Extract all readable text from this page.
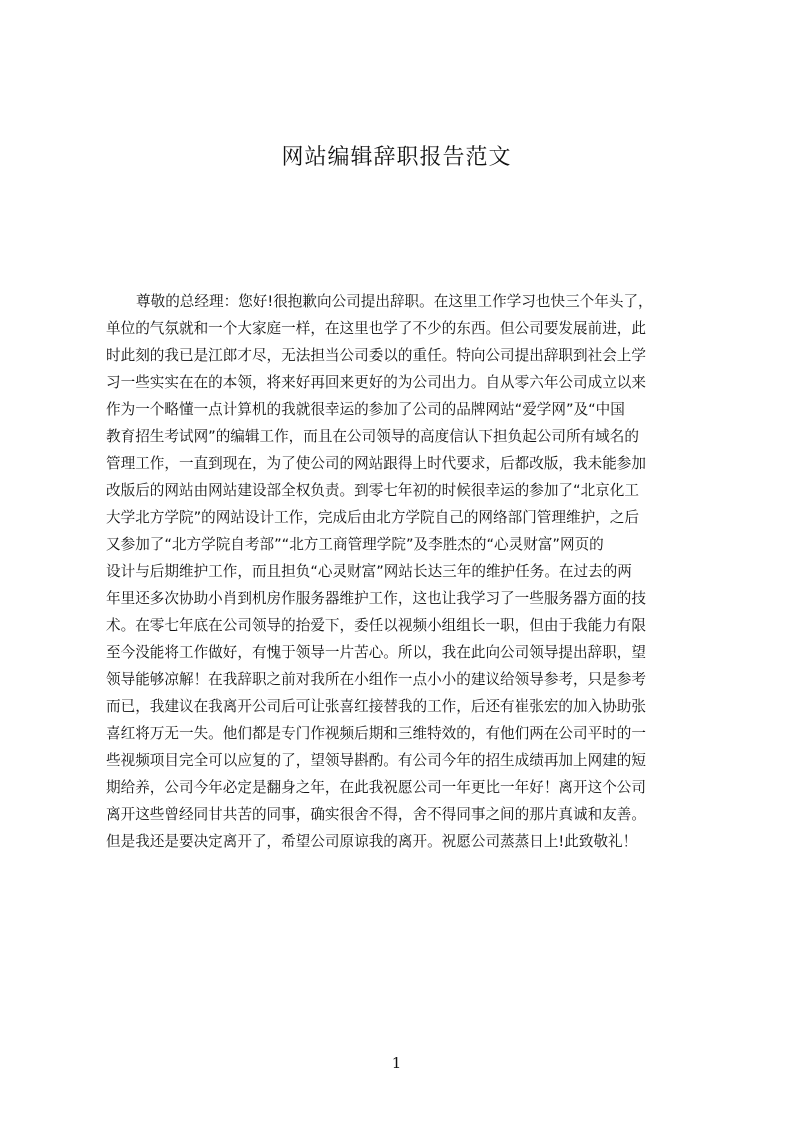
网站编辑辞职报告范文
尊敬的总经理：您好!很抱歉向公司提出辞职。在这里工作学习也快三个年头了，
单位的气氛就和一个大家庭一样，在这里也学了不少的东西。但公司要发展前进，此
时此刻的我已是江郎才尽，无法担当公司委以的重任。特向公司提出辞职到社会上学
习一些实实在在的本领，将来好再回来更好的为公司出力。自从零六年公司成立以来
作为一个略懂一点计算机的我就很幸运的参加了公司的品牌网站“爱学网”及“中国
教育招生考试网”的编辑工作，而且在公司领导的高度信认下担负起公司所有域名的
管理工作，一直到现在，为了使公司的网站跟得上时代要求，后都改版，我未能参加
改版后的网站由网站建设部全权负责。到零七年初的时候很幸运的参加了“北京化工
大学北方学院”的网站设计工作，完成后由北方学院自己的网络部门管理维护，之后
又参加了“北方学院自考部”“北方工商管理学院”及李胜杰的“心灵财富”网页的
设计与后期维护工作，而且担负“心灵财富”网站长达三年的维护任务。在过去的两
年里还多次协助小肖到机房作服务器维护工作，这也让我学习了一些服务器方面的技
术。在零七年底在公司领导的抬爱下，委任以视频小组组长一职，但由于我能力有限
至今没能将工作做好，有愧于领导一片苦心。所以，我在此向公司领导提出辞职，望
领导能够凉解！在我辞职之前对我所在小组作一点小小的建议给领导参考，只是参考
而已，我建议在我离开公司后可让张喜红接替我的工作，后还有崔张宏的加入协助张
喜红将万无一失。他们都是专门作视频后期和三维特效的，有他们两在公司平时的一
些视频项目完全可以应复的了，望领导斟酌。有公司今年的招生成绩再加上网建的短
期给养，公司今年必定是翻身之年，在此我祝愿公司一年更比一年好！离开这个公司
离开这些曾经同甘共苦的同事，确实很舍不得，舍不得同事之间的那片真诚和友善。
但是我还是要决定离开了，希望公司原谅我的离开。祝愿公司蒸蒸日上!此致敬礼！
1
